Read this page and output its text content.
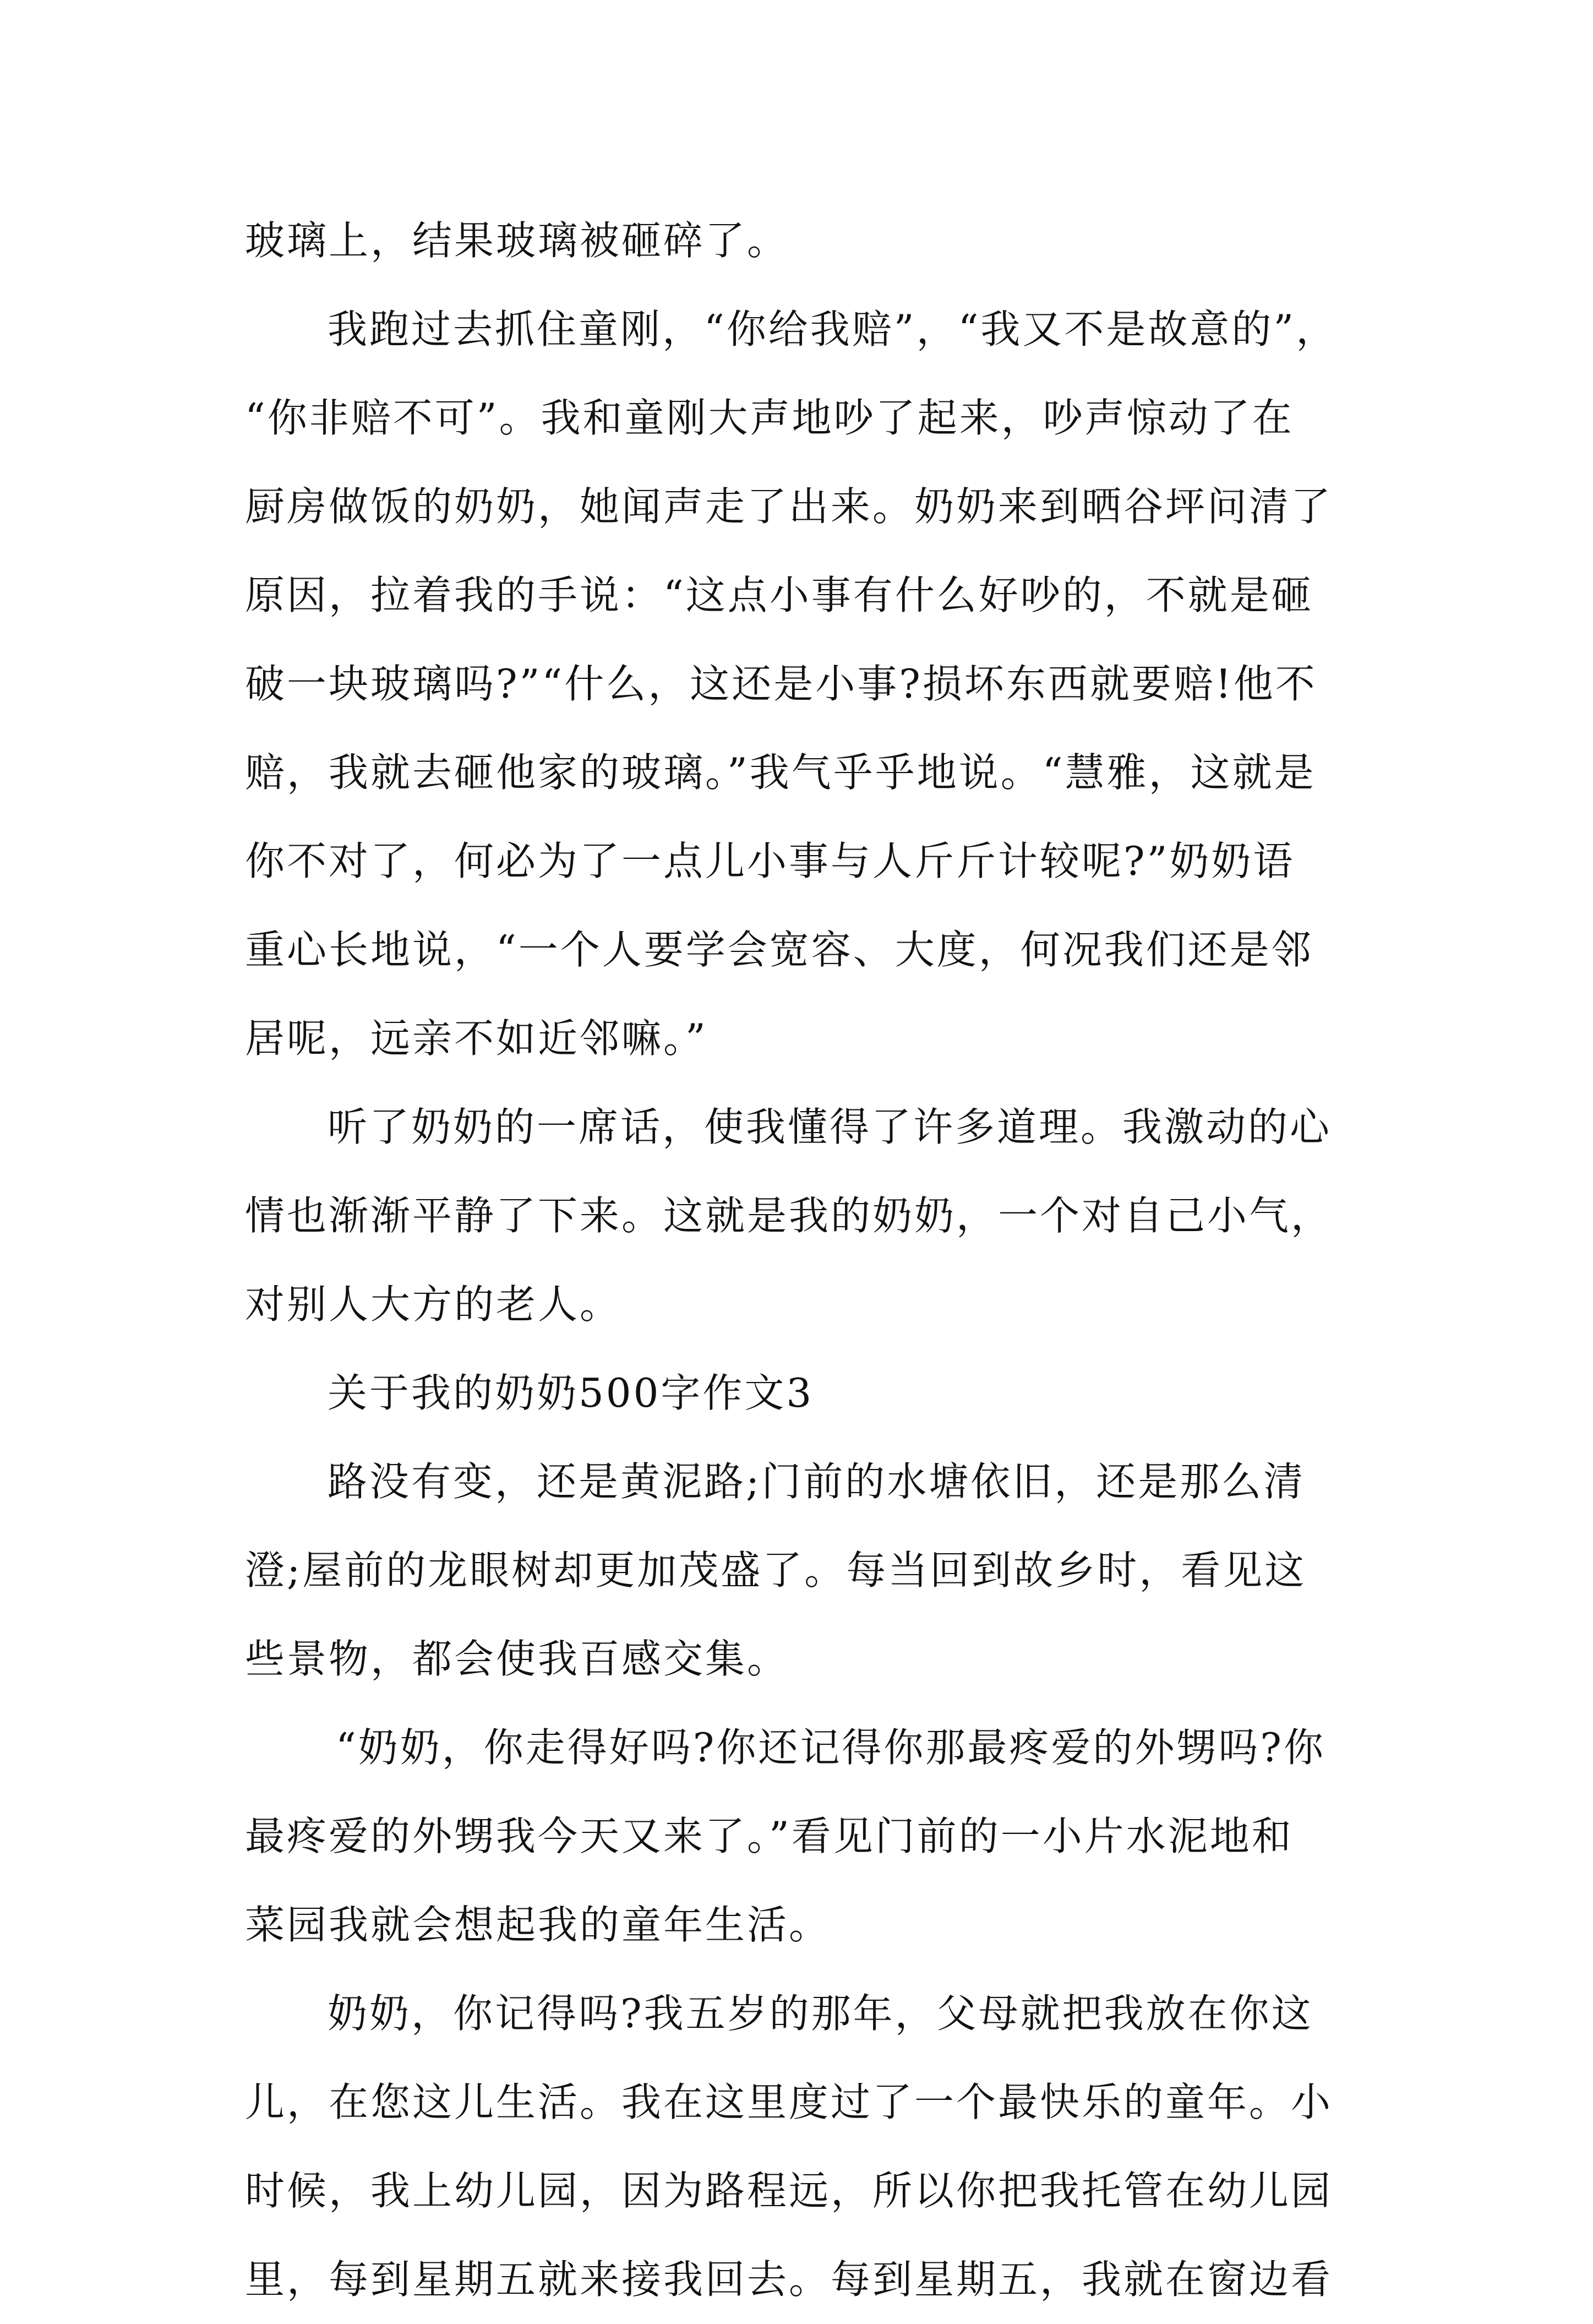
玻璃上，结果玻璃被砸碎了。
我跑过去抓住童刚，“你给我赔”，“我又不是故意的”，
“你非赔不可”。我和童刚大声地吵了起来，吵声惊动了在
厨房做饭的奶奶，她闻声走了出来。奶奶来到晒谷坪问清了
原因，拉着我的手说：“这点小事有什么好吵的，不就是砸
破一块玻璃吗?”“什么，这还是小事?损坏东西就要赔!他不
赔，我就去砸他家的玻璃。”我气乎乎地说。“慧雅，这就是
你不对了，何必为了一点儿小事与人斤斤计较呢?”奶奶语
重心长地说，“一个人要学会宽容、大度，何况我们还是邻
居呢，远亲不如近邻嘛。”
听了奶奶的一席话，使我懂得了许多道理。我激动的心
情也渐渐平静了下来。这就是我的奶奶，一个对自己小气，
对别人大方的老人。
关于我的奶奶500字作文3
路没有变，还是黄泥路;门前的水塘依旧，还是那么清
澄;屋前的龙眼树却更加茂盛了。每当回到故乡时，看见这
些景物，都会使我百感交集。
“奶奶，你走得好吗?你还记得你那最疼爱的外甥吗?你
最疼爱的外甥我今天又来了。”看见门前的一小片水泥地和
菜园我就会想起我的童年生活。
奶奶，你记得吗?我五岁的那年，父母就把我放在你这
儿，在您这儿生活。我在这里度过了一个最快乐的童年。小
时候，我上幼儿园，因为路程远，所以你把我托管在幼儿园
里，每到星期五就来接我回去。每到星期五，我就在窗边看
